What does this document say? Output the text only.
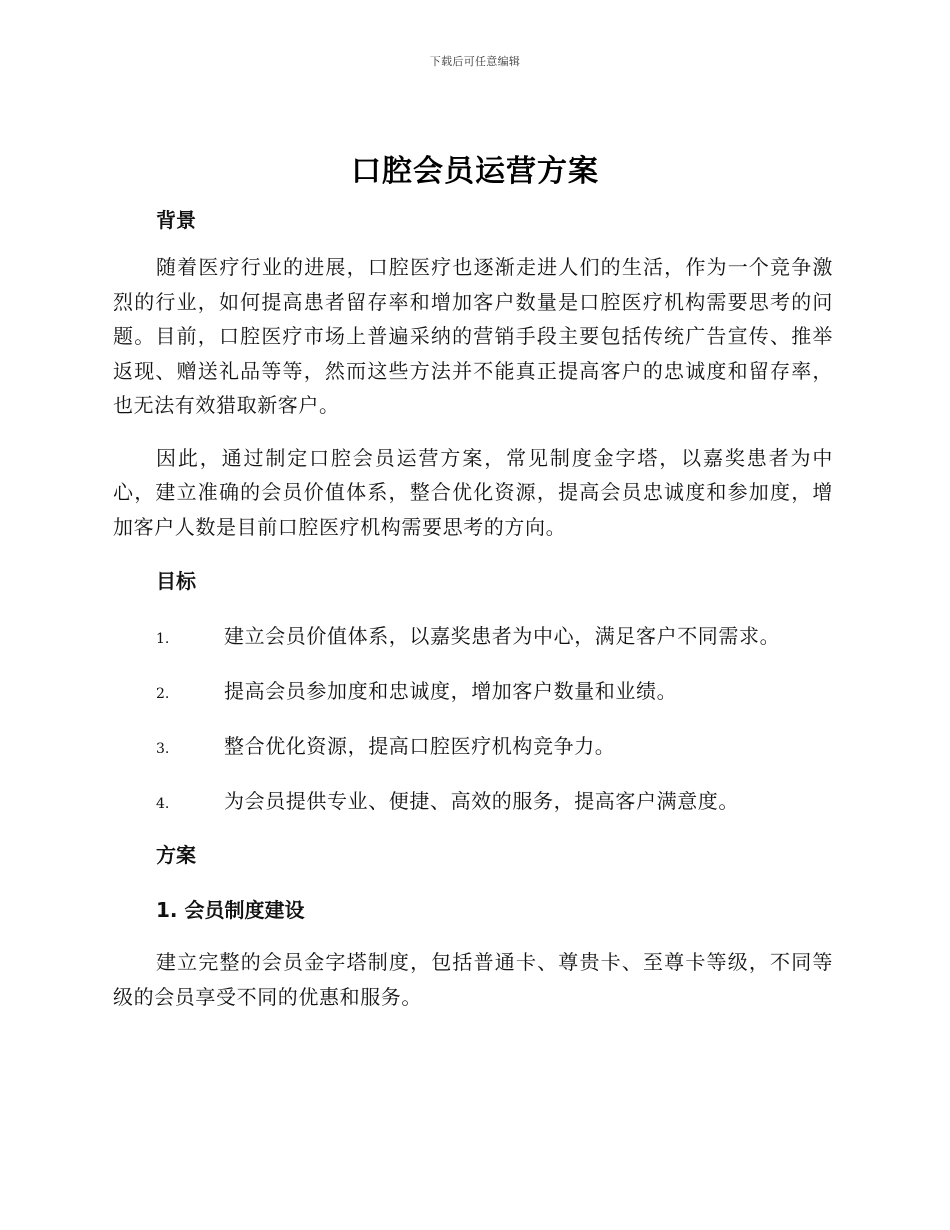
下载后可任意编辑
口腔会员运营方案
背景

随着医疗行业的进展，口腔医疗也逐渐走进人们的生活，作为一个竞争激烈的行业，如何提高患者留存率和增加客户数量是口腔医疗机构需要思考的问题。目前，口腔医疗市场上普遍采纳的营销手段主要包括传统广告宣传、推举返现、赠送礼品等等，然而这些方法并不能真正提高客户的忠诚度和留存率，也无法有效猎取新客户。

因此，通过制定口腔会员运营方案，常见制度金字塔，以嘉奖患者为中心，建立准确的会员价值体系，整合优化资源，提高会员忠诚度和参加度，增加客户人数是目前口腔医疗机构需要思考的方向。

目标
1.	建立会员价值体系，以嘉奖患者为中心，满足客户不同需求。
2.	提高会员参加度和忠诚度，增加客户数量和业绩。
3.	整合优化资源，提高口腔医疗机构竞争力。
4.	为会员提供专业、便捷、高效的服务，提高客户满意度。
方案
1. 会员制度建设

建立完整的会员金字塔制度，包括普通卡、尊贵卡、至尊卡等级，不同等级的会员享受不同的优惠和服务。
